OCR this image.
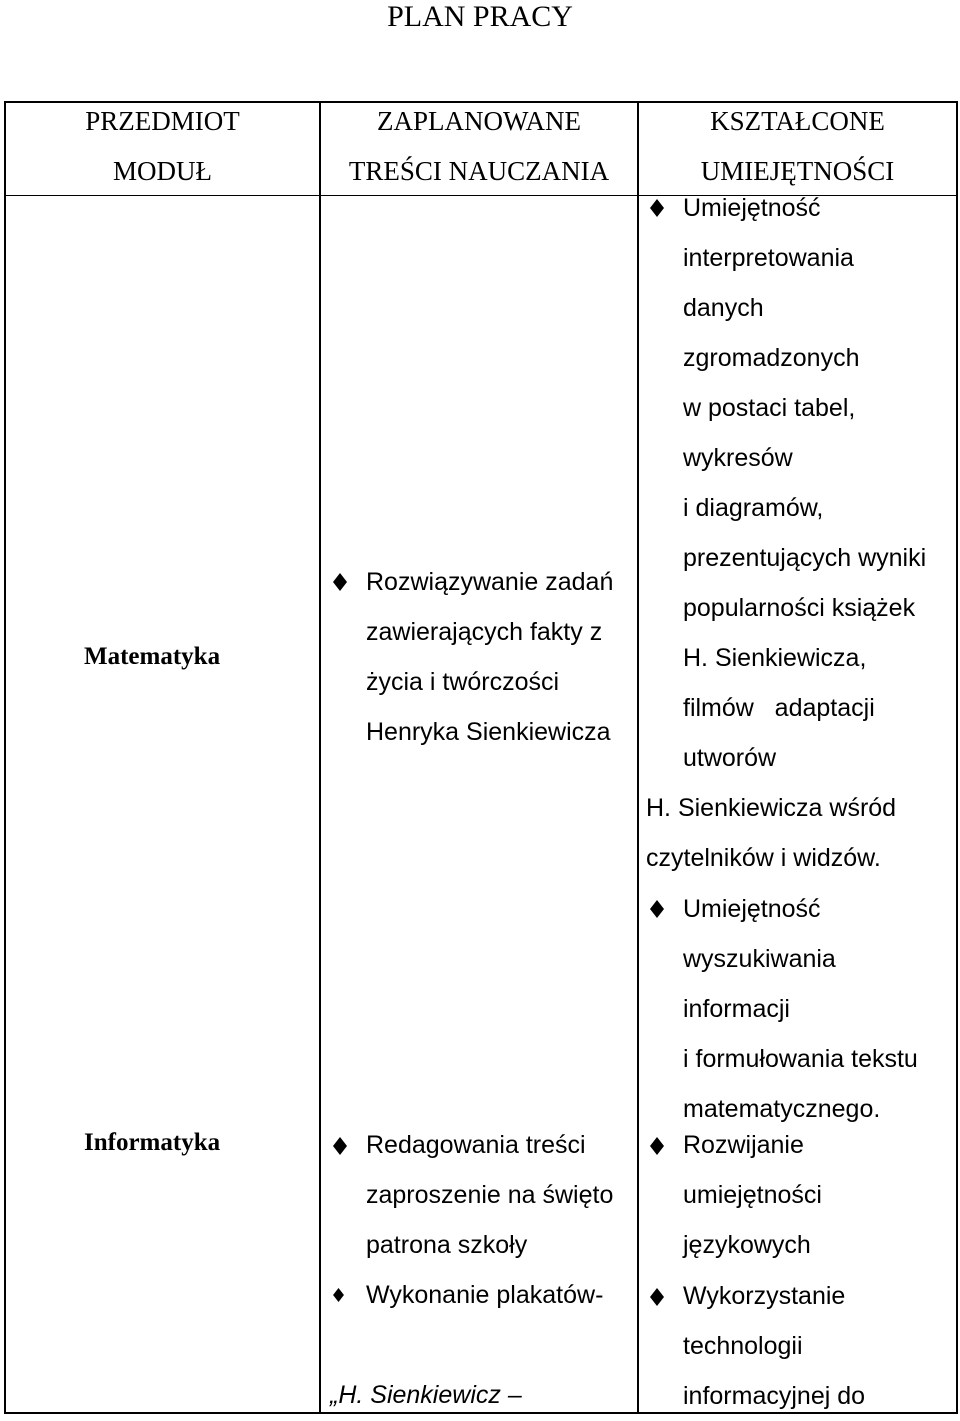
PLAN PRACY
PRZEDMIOT
MODUŁ
ZAPLANOWANE
TREŚCI NAUCZANIA
KSZTAŁCONE
UMIEJĘTNOŚCI
Matematyka
Rozwiązywanie zadań
zawierających fakty z
życia i twórczości
Henryka Sienkiewicza
Umiejętność
interpretowania
danych
zgromadzonych
w postaci tabel,
wykresów
i diagramów,
prezentujących wyniki
popularności książek
H. Sienkiewicza,
filmów   adaptacji
utworów
H. Sienkiewicza wśród
czytelników i widzów.
Umiejętność
wyszukiwania
informacji
i formułowania tekstu
matematycznego.
Informatyka	Redagowania treści
zaproszenie na święto
patrona szkoły
Wykonanie plakatów-
„H. Sienkiewicz –
Rozwijanie
umiejętności
językowych
Wykorzystanie
technologii
informacyjnej do
